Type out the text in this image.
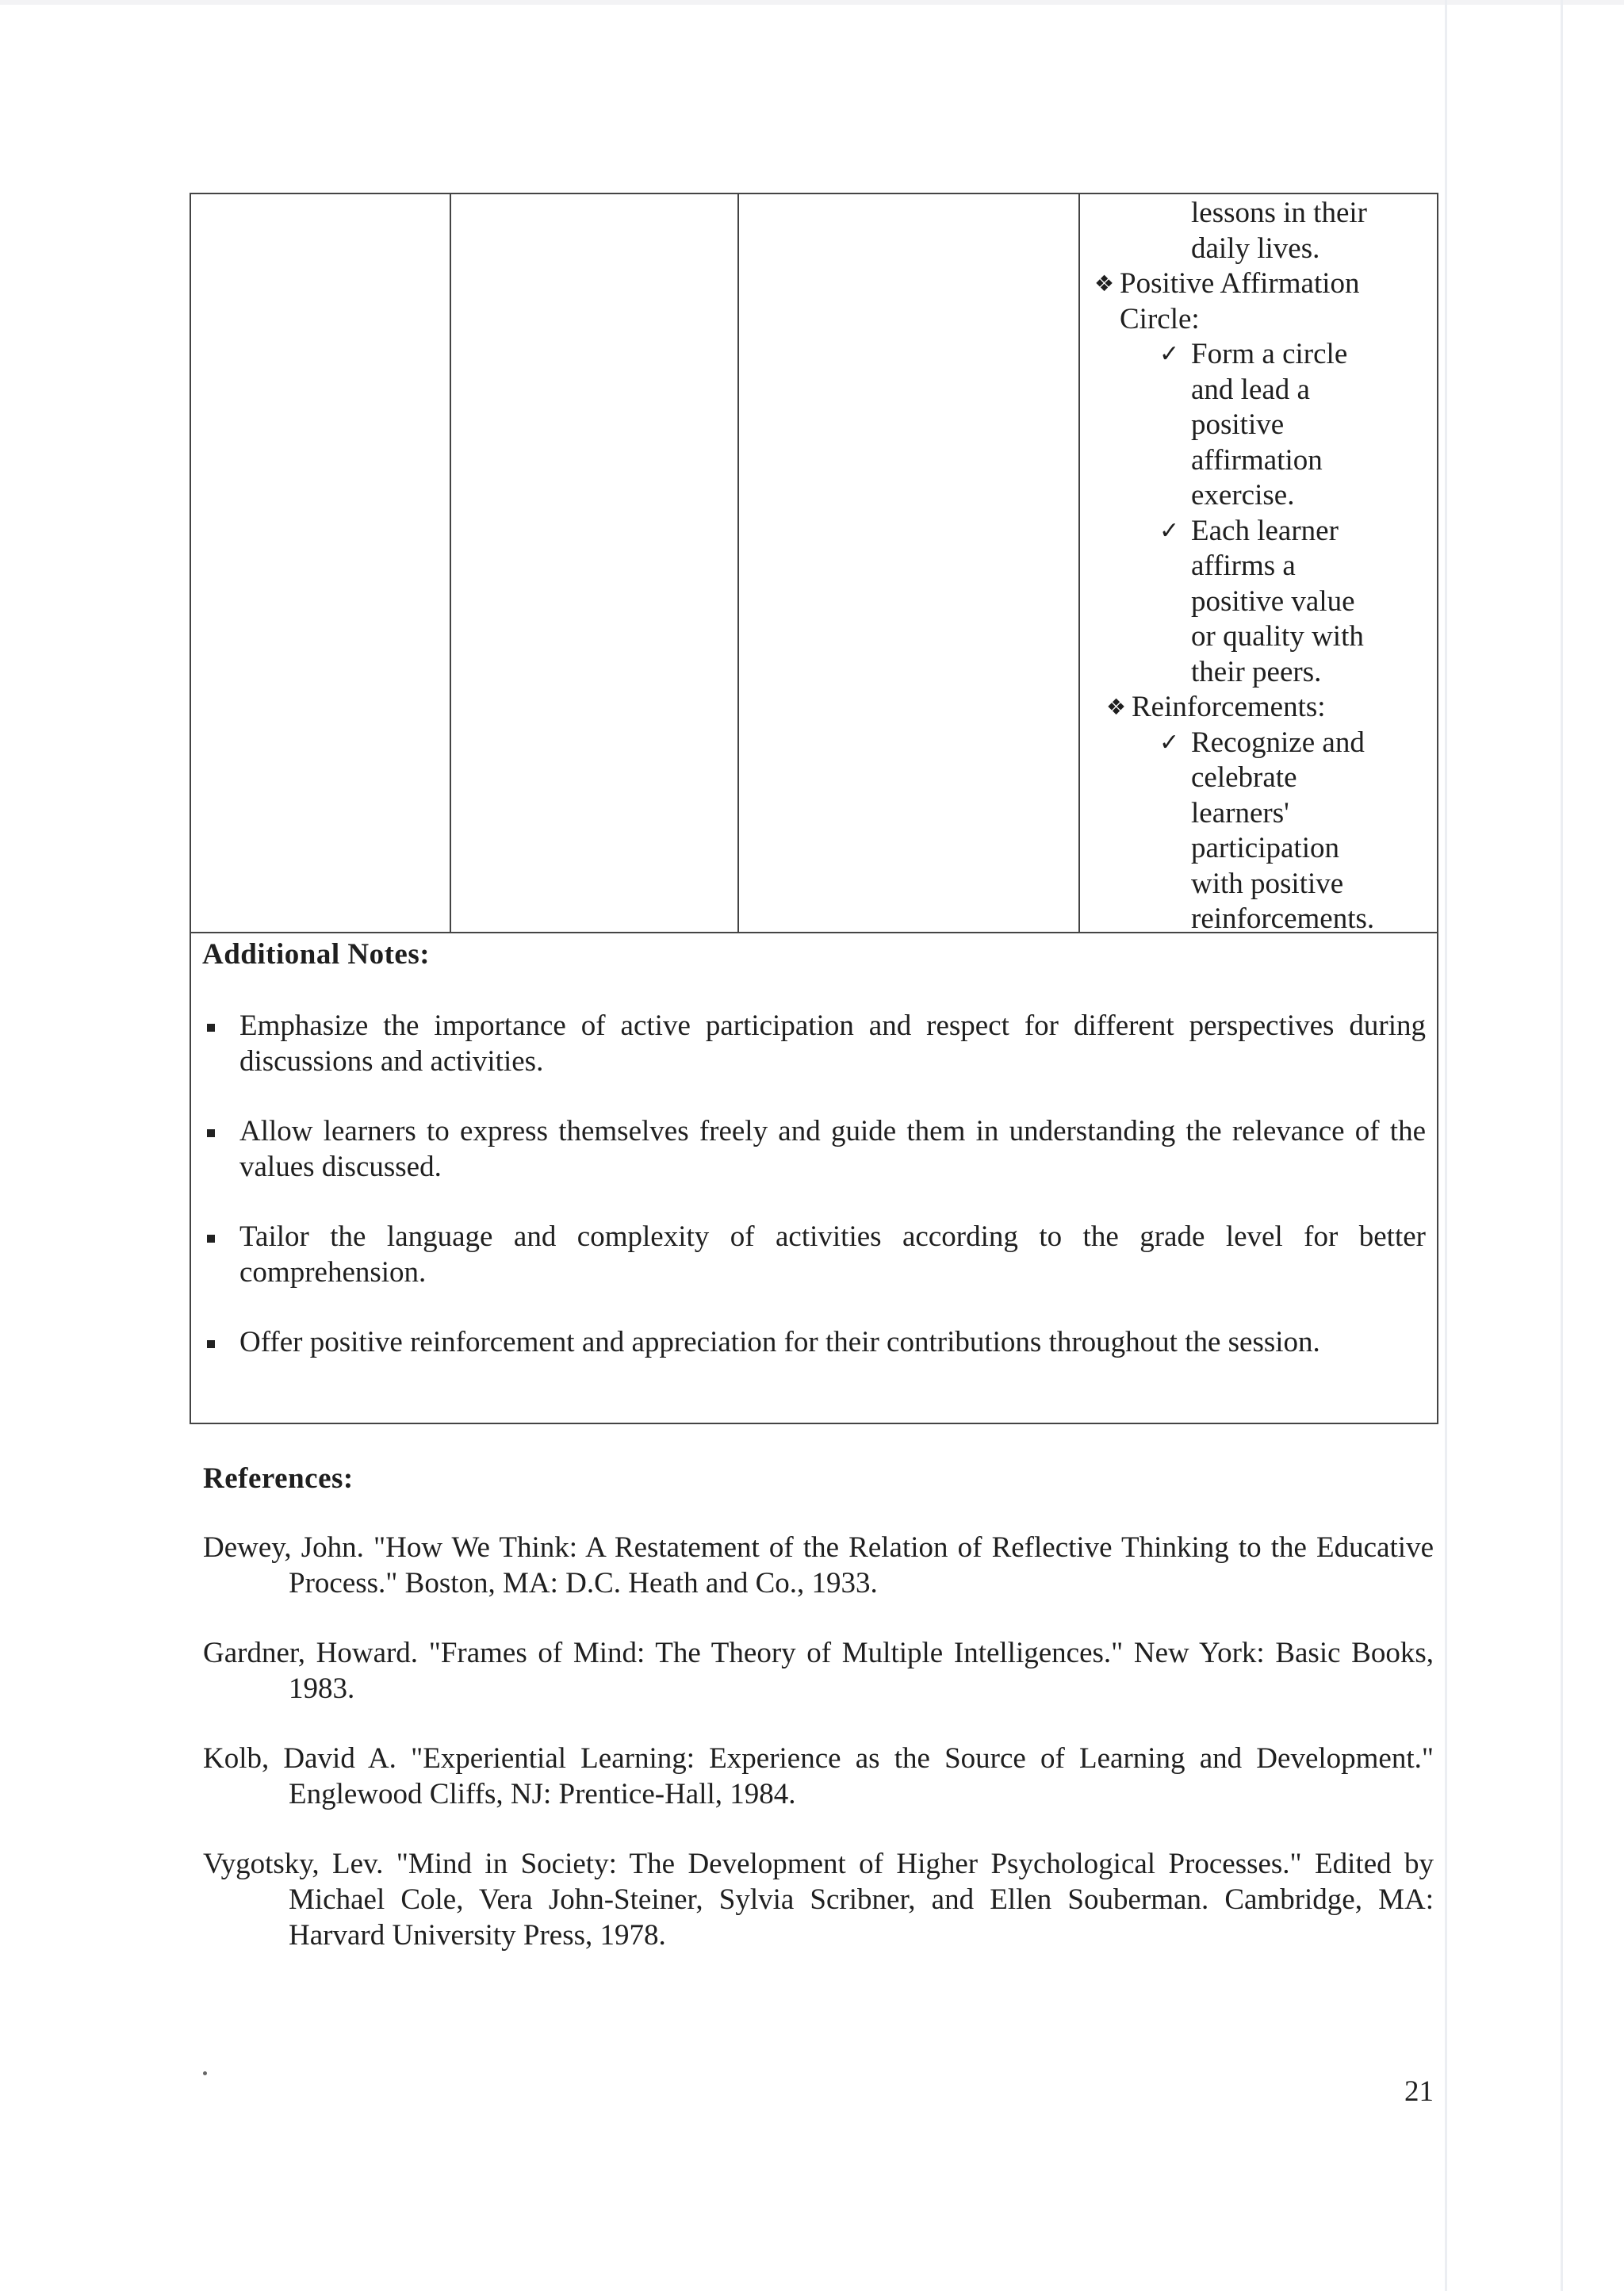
lessons in their
daily lives.
Positive Affirmation
❖
Circle:
Form a circle
✓
and lead a
positive
affirmation
exercise.
Each learner
✓
affirms a
positive value
or quality with
their peers.
Reinforcements:
❖
Recognize and
✓
celebrate
learners'
participation
with positive
reinforcements.
Additional Notes:
Emphasize the importance of active participation and respect for different perspectives during discussions and activities.
Allow learners to express themselves freely and guide them in understanding the relevance of the values discussed.
Tailor the language and complexity of activities according to the grade level for better comprehension.
Offer positive reinforcement and appreciation for their contributions throughout the session.
References:
Dewey, John. "How We Think: A Restatement of the Relation of Reflective Thinking to the Educative Process." Boston, MA: D.C. Heath and Co., 1933.
Gardner, Howard. "Frames of Mind: The Theory of Multiple Intelligences." New York: Basic Books, 1983.
Kolb, David A. "Experiential Learning: Experience as the Source of Learning and Development." Englewood Cliffs, NJ: Prentice-Hall, 1984.
Vygotsky, Lev. "Mind in Society: The Development of Higher Psychological Processes." Edited by Michael Cole, Vera John-Steiner, Sylvia Scribner, and Ellen Souberman. Cambridge, MA: Harvard University Press, 1978.
21
